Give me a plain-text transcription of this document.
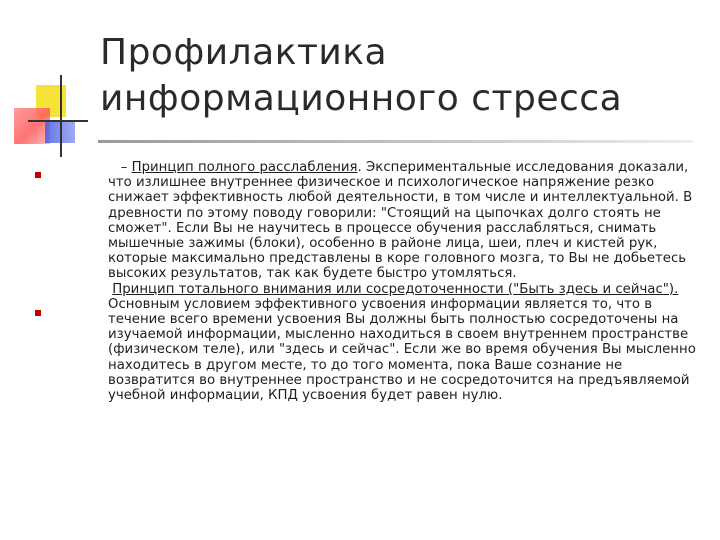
Профилактика
информационного стресса

– Принцип полного расслабления. Экспериментальные исследования доказали, что излишнее внутреннее физическое и психологическое напряжение резко снижает эффективность любой деятельности, в том числе и интеллектуальной. В древности по этому поводу говорили: "Стоящий на цыпочках долго стоять не сможет". Если Вы не научитесь в процессе обучения расслабляться, снимать мышечные зажимы (блоки), особенно в районе лица, шеи, плеч и кистей рук, которые максимально представлены в коре головного мозга, то Вы не добьетесь высоких результатов, так как будете быстро утомляться.

Принцип тотального внимания или сосредоточенности ("Быть здесь и сейчас"). Основным условием эффективного усвоения информации является то, что в течение всего времени усвоения Вы должны быть полностью сосредоточены на изучаемой информации, мысленно находиться в своем внутреннем пространстве (физическом теле), или "здесь и сейчас". Если же во время обучения Вы мысленно находитесь в другом месте, то до того момента, пока Ваше сознание не возвратится во внутреннее пространство и не сосредоточится на предъявляемой учебной информации, КПД усвоения будет равен нулю.
